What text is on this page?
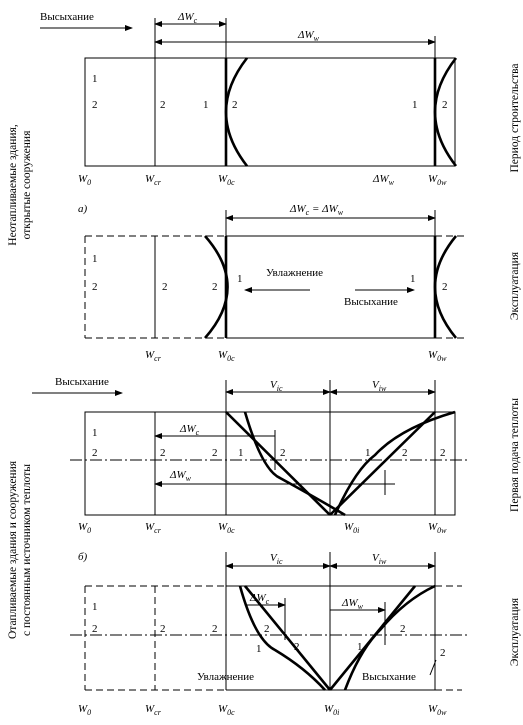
Период строительства
Эксплуатация
Первая подача теплоты
Эксплуатация
Неотапливаемые здания, открытые сооружения
Отапливаемые здания и сооружения с постоянным источником теплоты
Высыхание	$\Delta W_c$
$\Delta W_w$
1
2	2	1 2	1 2
$W_0$	$W_{cr}$	$W_{0c}$	$\Delta W_w$	$W_{0w}$
а)	$\Delta W_c = \Delta W_w$
1
2	2	2
1	1
2
Увлажнение
Высыхание
$W_{cr}$	$W_{0c}$	$W_{0w}$
Высыхание	$V_{ic}$	$V_{iw}$
$\Delta W_c$
$\Delta W_w$
1
2	2	2 1	2	1	2	2
$W_0$	$W_{cr}$	$W_{0c}$	$W_{0i}$	$W_{0w}$
б)	$V_{ic}$	$V_{iw}$
$\Delta W_c$	$\Delta W_w$
1
2	2	2	2
1	2	1
2
2
Увлажнение	Высыхание
$W_0$	$W_{cr}$	$W_{0c}$	$W_{0i}$	$W_{0w}$
